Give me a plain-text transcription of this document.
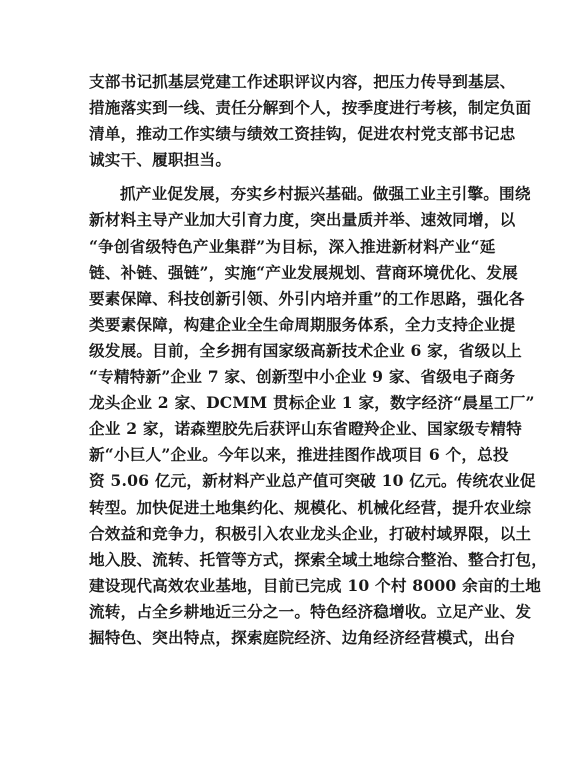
支部书记抓基层党建工作述职评议内容，把压力传导到基层、
措施落实到一线、责任分解到个人，按季度进行考核，制定负面
清单，推动工作实绩与绩效工资挂钩，促进农村党支部书记忠
诚实干、履职担当。
抓产业促发展，夯实乡村振兴基础。做强工业主引擎。围绕
新材料主导产业加大引育力度，突出量质并举、速效同增，以
“争创省级特色产业集群”为目标，深入推进新材料产业“延
链、补链、强链”，实施“产业发展规划、营商环境优化、发展
要素保障、科技创新引领、外引内培并重”的工作思路，强化各
类要素保障，构建企业全生命周期服务体系，全力支持企业提
级发展。目前，全乡拥有国家级高新技术企业 6 家，省级以上
“专精特新”企业 7 家、创新型中小企业 9 家、省级电子商务
龙头企业 2 家、DCMM 贯标企业 1 家，数字经济“晨星工厂”
企业 2 家，诺森塑胶先后获评山东省瞪羚企业、国家级专精特
新“小巨人”企业。今年以来，推进挂图作战项目 6 个，总投
资 5.06 亿元，新材料产业总产值可突破 10 亿元。传统农业促
转型。加快促进土地集约化、规模化、机械化经营，提升农业综
合效益和竞争力，积极引入农业龙头企业，打破村域界限，以土
地入股、流转、托管等方式，探索全域土地综合整治、整合打包，
建设现代高效农业基地，目前已完成 10 个村 8000 余亩的土地
流转，占全乡耕地近三分之一。特色经济稳增收。立足产业、发
掘特色、突出特点，探索庭院经济、边角经济经营模式，出台
